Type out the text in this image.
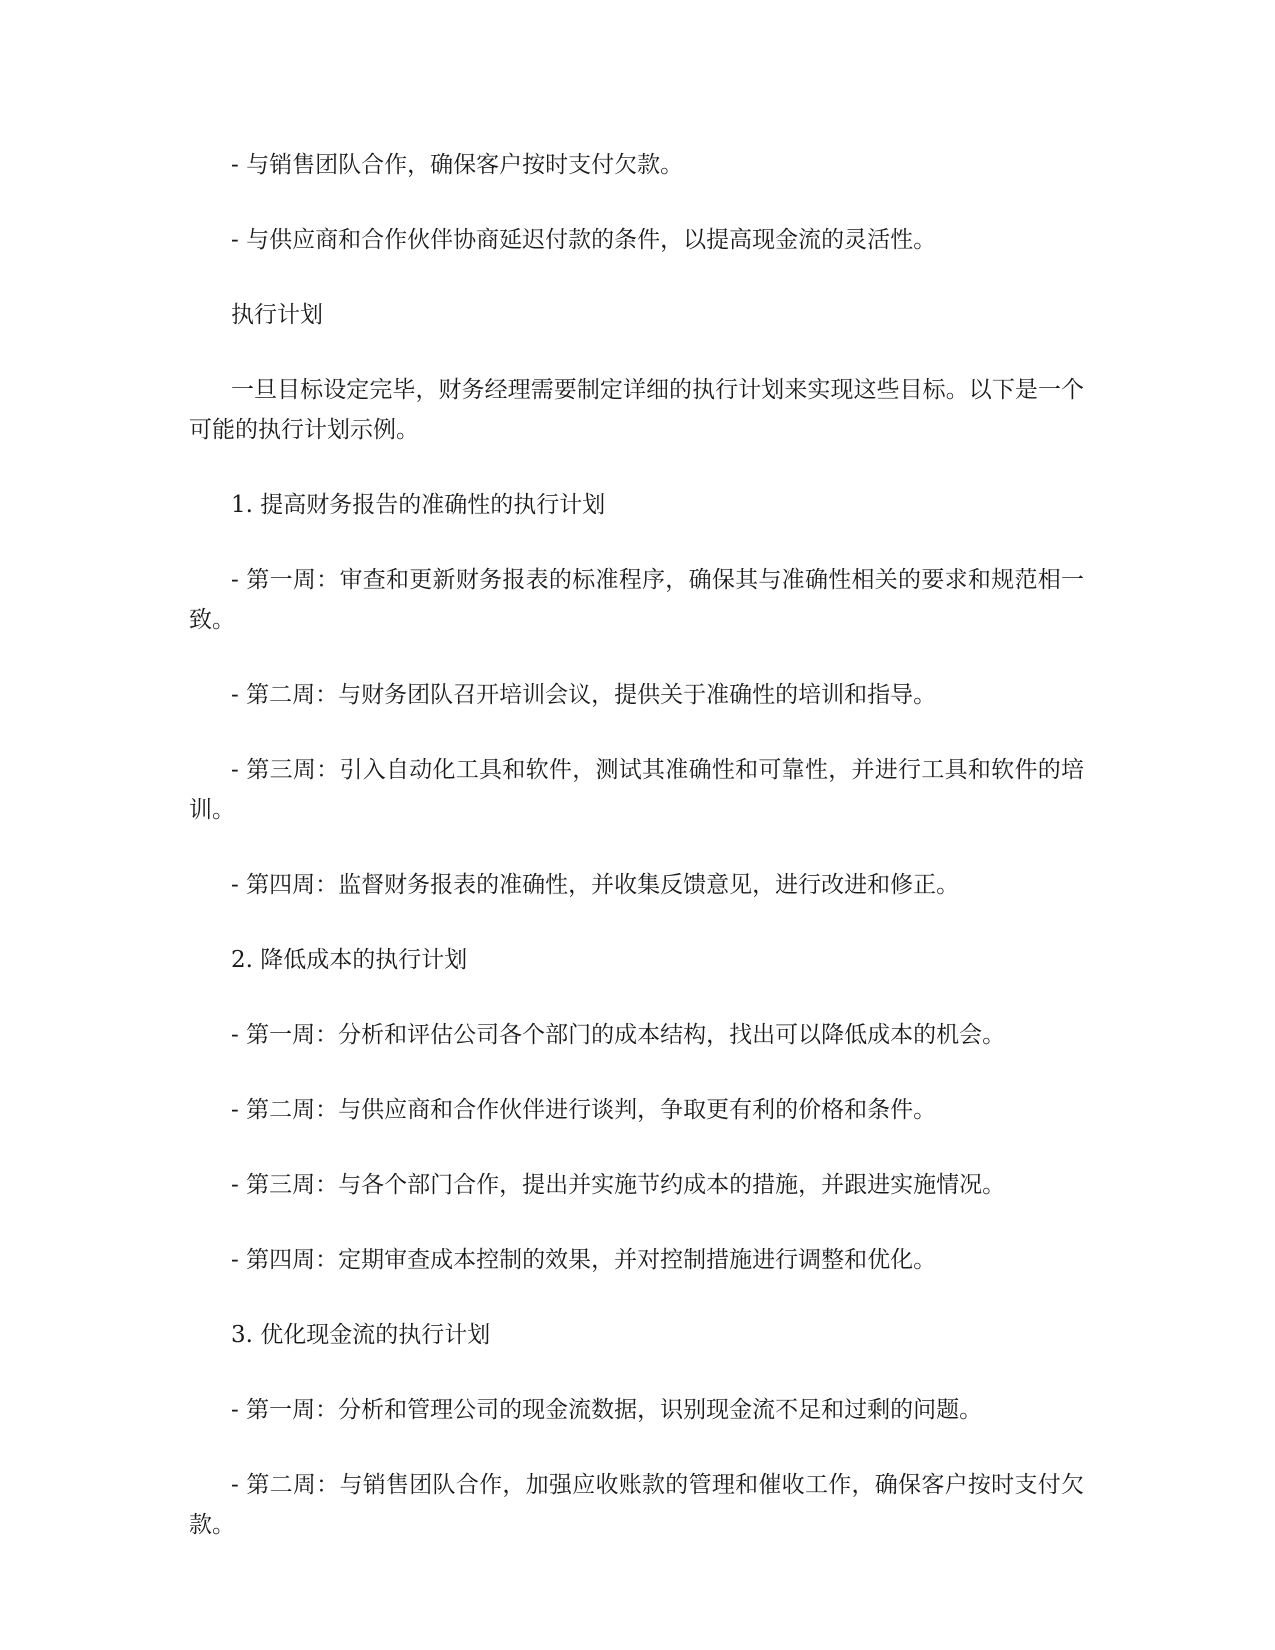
- 与销售团队合作，确保客户按时支付欠款。

- 与供应商和合作伙伴协商延迟付款的条件，以提高现金流的灵活性。

执行计划

一旦目标设定完毕，财务经理需要制定详细的执行计划来实现这些目标。以下是一个可能的执行计划示例。

1. 提高财务报告的准确性的执行计划

- 第一周：审查和更新财务报表的标准程序，确保其与准确性相关的要求和规范相一致。

- 第二周：与财务团队召开培训会议，提供关于准确性的培训和指导。

- 第三周：引入自动化工具和软件，测试其准确性和可靠性，并进行工具和软件的培训。

- 第四周：监督财务报表的准确性，并收集反馈意见，进行改进和修正。

2. 降低成本的执行计划

- 第一周：分析和评估公司各个部门的成本结构，找出可以降低成本的机会。

- 第二周：与供应商和合作伙伴进行谈判，争取更有利的价格和条件。

- 第三周：与各个部门合作，提出并实施节约成本的措施，并跟进实施情况。

- 第四周：定期审查成本控制的效果，并对控制措施进行调整和优化。

3. 优化现金流的执行计划

- 第一周：分析和管理公司的现金流数据，识别现金流不足和过剩的问题。

- 第二周：与销售团队合作，加强应收账款的管理和催收工作，确保客户按时支付欠款。
